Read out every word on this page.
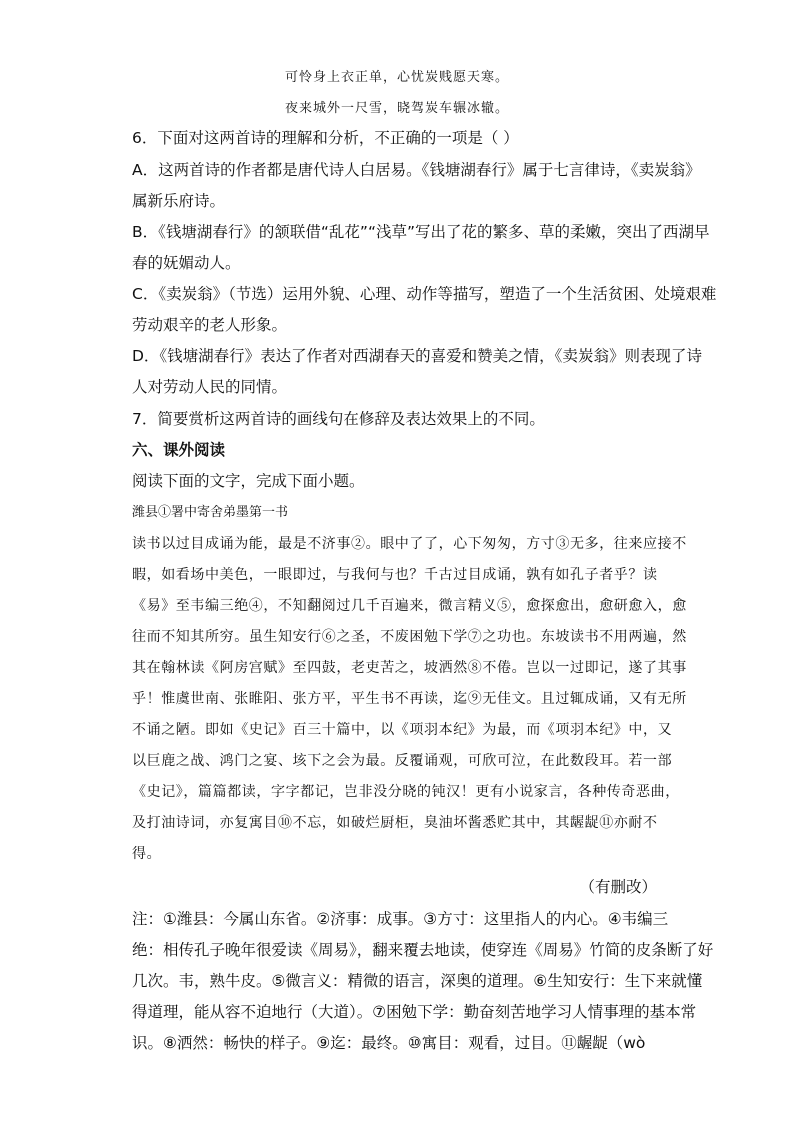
可怜身上衣正单，心忧炭贱愿天寒。
夜来城外一尺雪，晓驾炭车辗冰辙。
6．下面对这两首诗的理解和分析，不正确的一项是（ ）
A．这两首诗的作者都是唐代诗人白居易。《钱塘湖春行》属于七言律诗，《卖炭翁》
属新乐府诗。
B．《钱塘湖春行》的颔联借“乱花”“浅草”写出了花的繁多、草的柔嫩，突出了西湖早
春的妩媚动人。
C．《卖炭翁》（节选）运用外貌、心理、动作等描写，塑造了一个生活贫困、处境艰难
劳动艰辛的老人形象。
D．《钱塘湖春行》表达了作者对西湖春天的喜爱和赞美之情，《卖炭翁》则表现了诗
人对劳动人民的同情。
7．简要赏析这两首诗的画线句在修辞及表达效果上的不同。
六、课外阅读
阅读下面的文字，完成下面小题。
潍县①署中寄舍弟墨第一书
读书以过目成诵为能，最是不济事②。眼中了了，心下匆匆，方寸③无多，往来应接不
暇，如看场中美色，一眼即过，与我何与也？千古过目成诵，孰有如孔子者乎？读
《易》至韦编三绝④，不知翻阅过几千百遍来，微言精义⑤，愈探愈出，愈研愈入，愈
往而不知其所穷。虽生知安行⑥之圣，不废困勉下学⑦之功也。东坡读书不用两遍，然
其在翰林读《阿房宫赋》至四鼓，老吏苦之，坡洒然⑧不倦。岂以一过即记，遂了其事
乎！惟虞世南、张睢阳、张方平，平生书不再读，迄⑨无佳文。且过辄成诵，又有无所
不诵之陋。即如《史记》百三十篇中，以《项羽本纪》为最，而《项羽本纪》中，又
以巨鹿之战、鸿门之宴、垓下之会为最。反覆诵观，可欣可泣，在此数段耳。若一部
《史记》，篇篇都读，字字都记，岂非没分晓的钝汉！更有小说家言，各种传奇恶曲，
及打油诗词，亦复寓目⑩不忘，如破烂厨柜，臭油坏酱悉贮其中，其龌龊⑪亦耐不
得。
（有删改）
注：①潍县：今属山东省。②济事：成事。③方寸：这里指人的内心。④韦编三
绝：相传孔子晚年很爱读《周易》，翻来覆去地读，使穿连《周易》竹简的皮条断了好
几次。韦，熟牛皮。⑤微言义：精微的语言，深奥的道理。⑥生知安行：生下来就懂
得道理，能从容不迫地行（大道）。⑦困勉下学：勤奋刻苦地学习人情事理的基本常
识。⑧洒然：畅快的样子。⑨迄：最终。⑩寓目：观看，过目。⑪龌龊（wò
